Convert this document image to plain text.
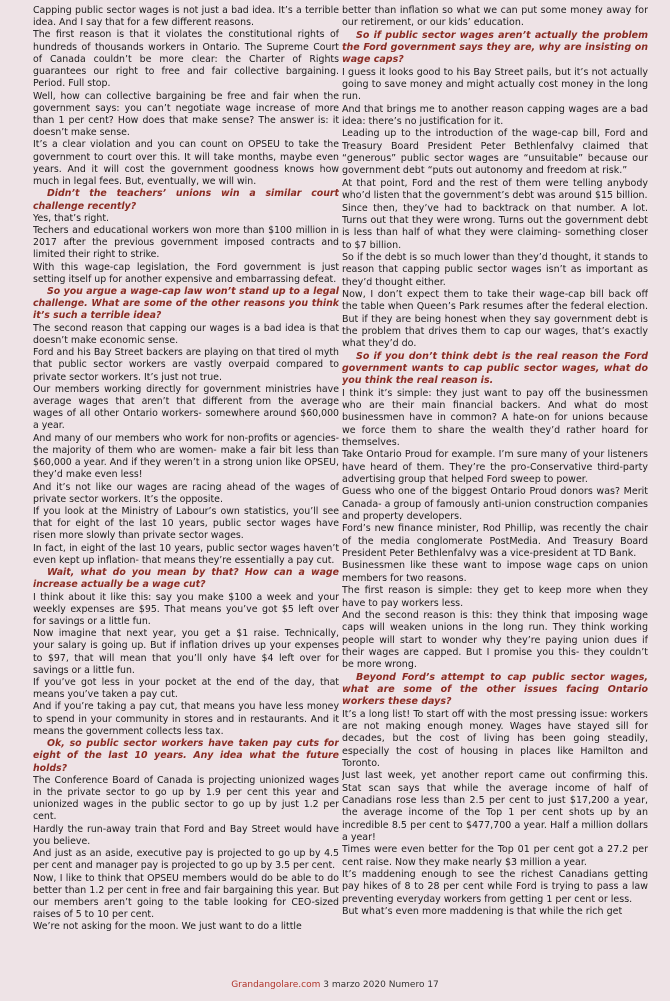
Capping public sector wages is not just a bad idea. It’s a terrible idea. And I say that for a few different reasons.

The first reason is that it violates the constitutional rights of hundreds of thousands workers in Ontario. The Supreme Court of Canada couldn’t be more clear: the Charter of Rights guarantees our right to free and fair collective bargaining. Period. Full stop.

Well, how can collective bargaining be free and fair when the government says: you can’t negotiate wage increase of more than 1 per cent? How does that make sense? The answer is: it doesn’t make sense.

It’s a clear violation and you can count on OPSEU to take the government to court over this. It will take months, maybe even years. And it will cost the government goodness knows how much in legal fees. But, eventually, we will win.

Didn’t the teachers’ unions win a similar court challenge recently?

Yes, that’s right.

Techers and educational workers won more than $100 million in 2017 after the previous government imposed contracts and limited their right to strike.

With this wage-cap legislation, the Ford government is just setting itself up for another expensive and embarrassing defeat.

So you argue a wage-cap law won’t stand up to a legal challenge. What are some of the other reasons you think it’s such a terrible idea?

The second reason that capping our wages is a bad idea is that doesn’t make economic sense.

Ford and his Bay Street backers are playing on that tired ol myth that public sector workers are vastly overpaid compared to private sector workers. It’s just not true.

Our members working directly for government ministries have average wages that aren’t that different from the average wages of all other Ontario workers- somewhere around $60,000 a year.

And many of our members who work for non-profits or agencies- the majority of them who are women- make a fair bit less than $60,000 a year. And if they weren’t in a strong union like OPSEU, they’d make even less!

And it’s not like our wages are racing ahead of the wages of private sector workers. It’s the opposite.

If you look at the Ministry of Labour’s own statistics, you’ll see that for eight of the last 10 years, public sector wages have risen more slowly than private sector wages.

In fact, in eight of the last 10 years, public sector wages haven’t even kept up inflation- that means they’re essentially a pay cut.

Wait, what do you mean by that? How can a wage increase actually be a wage cut?

I think about it like this: say you make $100 a week and your weekly expenses are $95. That means you’ve got $5 left over for savings or a little fun.

Now imagine that next year, you get a $1 raise. Technically, your salary is going up. But if inflation drives up your expenses to $97, that will mean that you’ll only have $4 left over for savings or a little fun.

If you’ve got less in your pocket at the end of the day, that means you’ve taken a pay cut.

And if you’re taking a pay cut, that means you have less money to spend in your community in stores and in restaurants. And it means the government collects less tax.

Ok, so public sector workers have taken pay cuts for eight of the last 10 years. Any idea what the future holds?

The Conference Board of Canada is projecting unionized wages in the private sector to go up by 1.9 per cent this year and unionized wages in the public sector to go up by just 1.2 per cent.

Hardly the run-away train that Ford and Bay Street would have you believe.

And just as an aside, executive pay is projected to go up by 4.5 per cent and manager pay is projected to go up by 3.5 per cent.

Now, I like to think that OPSEU members would do be able to do better than 1.2 per cent in free and fair bargaining this year. But our members aren’t going to the table looking for CEO-sized raises of 5 to 10 per cent.

We’re not asking for the moon. We just want to do a little

better than inflation so what we can put some money away for our retirement, or our kids’ education.

So if public sector wages aren’t actually the problem the Ford government says they are, why are insisting on wage caps?

I guess it looks good to his Bay Street pails, but it’s not actually going to save money and might actually cost money in the long run.

And that brings me to another reason capping wages are a bad idea: there’s no justification for it.

Leading up to the introduction of the wage-cap bill, Ford and Treasury Board President Peter Bethlenfalvy claimed that “generous” public sector wages are “unsuitable” because our government debt “puts out autonomy and freedom at risk.”

At that point, Ford and the rest of them were telling anybody who’d listen that the government’s debt was around $15 billion.

Since then, they’ve had to backtrack on that number. A lot. Turns out that they were wrong. Turns out the government debt is less than half of what they were claiming- something closer to $7 billion.

So if the debt is so much lower than they’d thought, it stands to reason that capping public sector wages isn’t as important as they’d thought either.

Now, I don’t expect them to take their wage-cap bill back off the table when Queen’s Park resumes after the federal election. But if they are being honest when they say government debt is the problem that drives them to cap our wages, that’s exactly what they’d do.

So if you don’t think debt is the real reason the Ford government wants to cap public sector wages, what do you think the real reason is.

I think it’s simple: they just want to pay off the businessmen who are their main financial backers. And what do most businessmen have in common? A hate-on for unions because we force them to share the wealth they’d rather hoard for themselves.

Take Ontario Proud for example. I’m sure many of your listeners have heard of them. They’re the pro-Conservative third-party advertising group that helped Ford sweep to power.

Guess who one of the biggest Ontario Proud donors was? Merit Canada- a group of famously anti-union construction companies and property developers.

Ford’s new finance minister, Rod Phillip, was recently the chair of the media conglomerate PostMedia. And Treasury Board President Peter Bethlenfalvy was a vice-president at TD Bank.

Businessmen like these want to impose wage caps on union members for two reasons.

The first reason is simple: they get to keep more when they have to pay workers less.

And the second reason is this: they think that imposing wage caps will weaken unions in the long run. They think working people will start to wonder why they’re paying union dues if their wages are capped. But I promise you this- they couldn’t be more wrong.

Beyond Ford’s attempt to cap public sector wages, what are some of the other issues facing Ontario workers these days?

It’s a long list! To start off with the most pressing issue: workers are not making enough money. Wages have stayed sill for decades, but the cost of living has been going steadily, especially the cost of housing in places like Hamilton and Toronto.

Just last week, yet another report came out confirming this. Stat scan says that while the average income of half of Canadians rose less than 2.5 per cent to just $17,200 a year, the average income of the Top 1 per cent shots up by an incredible 8.5 per cent to $477,700 a year. Half a million dollars a year!

Times were even better for the Top 01 per cent got a 27.2 per cent raise. Now they make nearly $3 million a year.

It’s maddening enough to see the richest Canadians getting pay hikes of 8 to 28 per cent while Ford is trying to pass a law preventing everyday workers from getting 1 per cent or less.

But what’s even more maddening is that while the rich get

Grandangolare.com 3 marzo 2020 Numero 17
